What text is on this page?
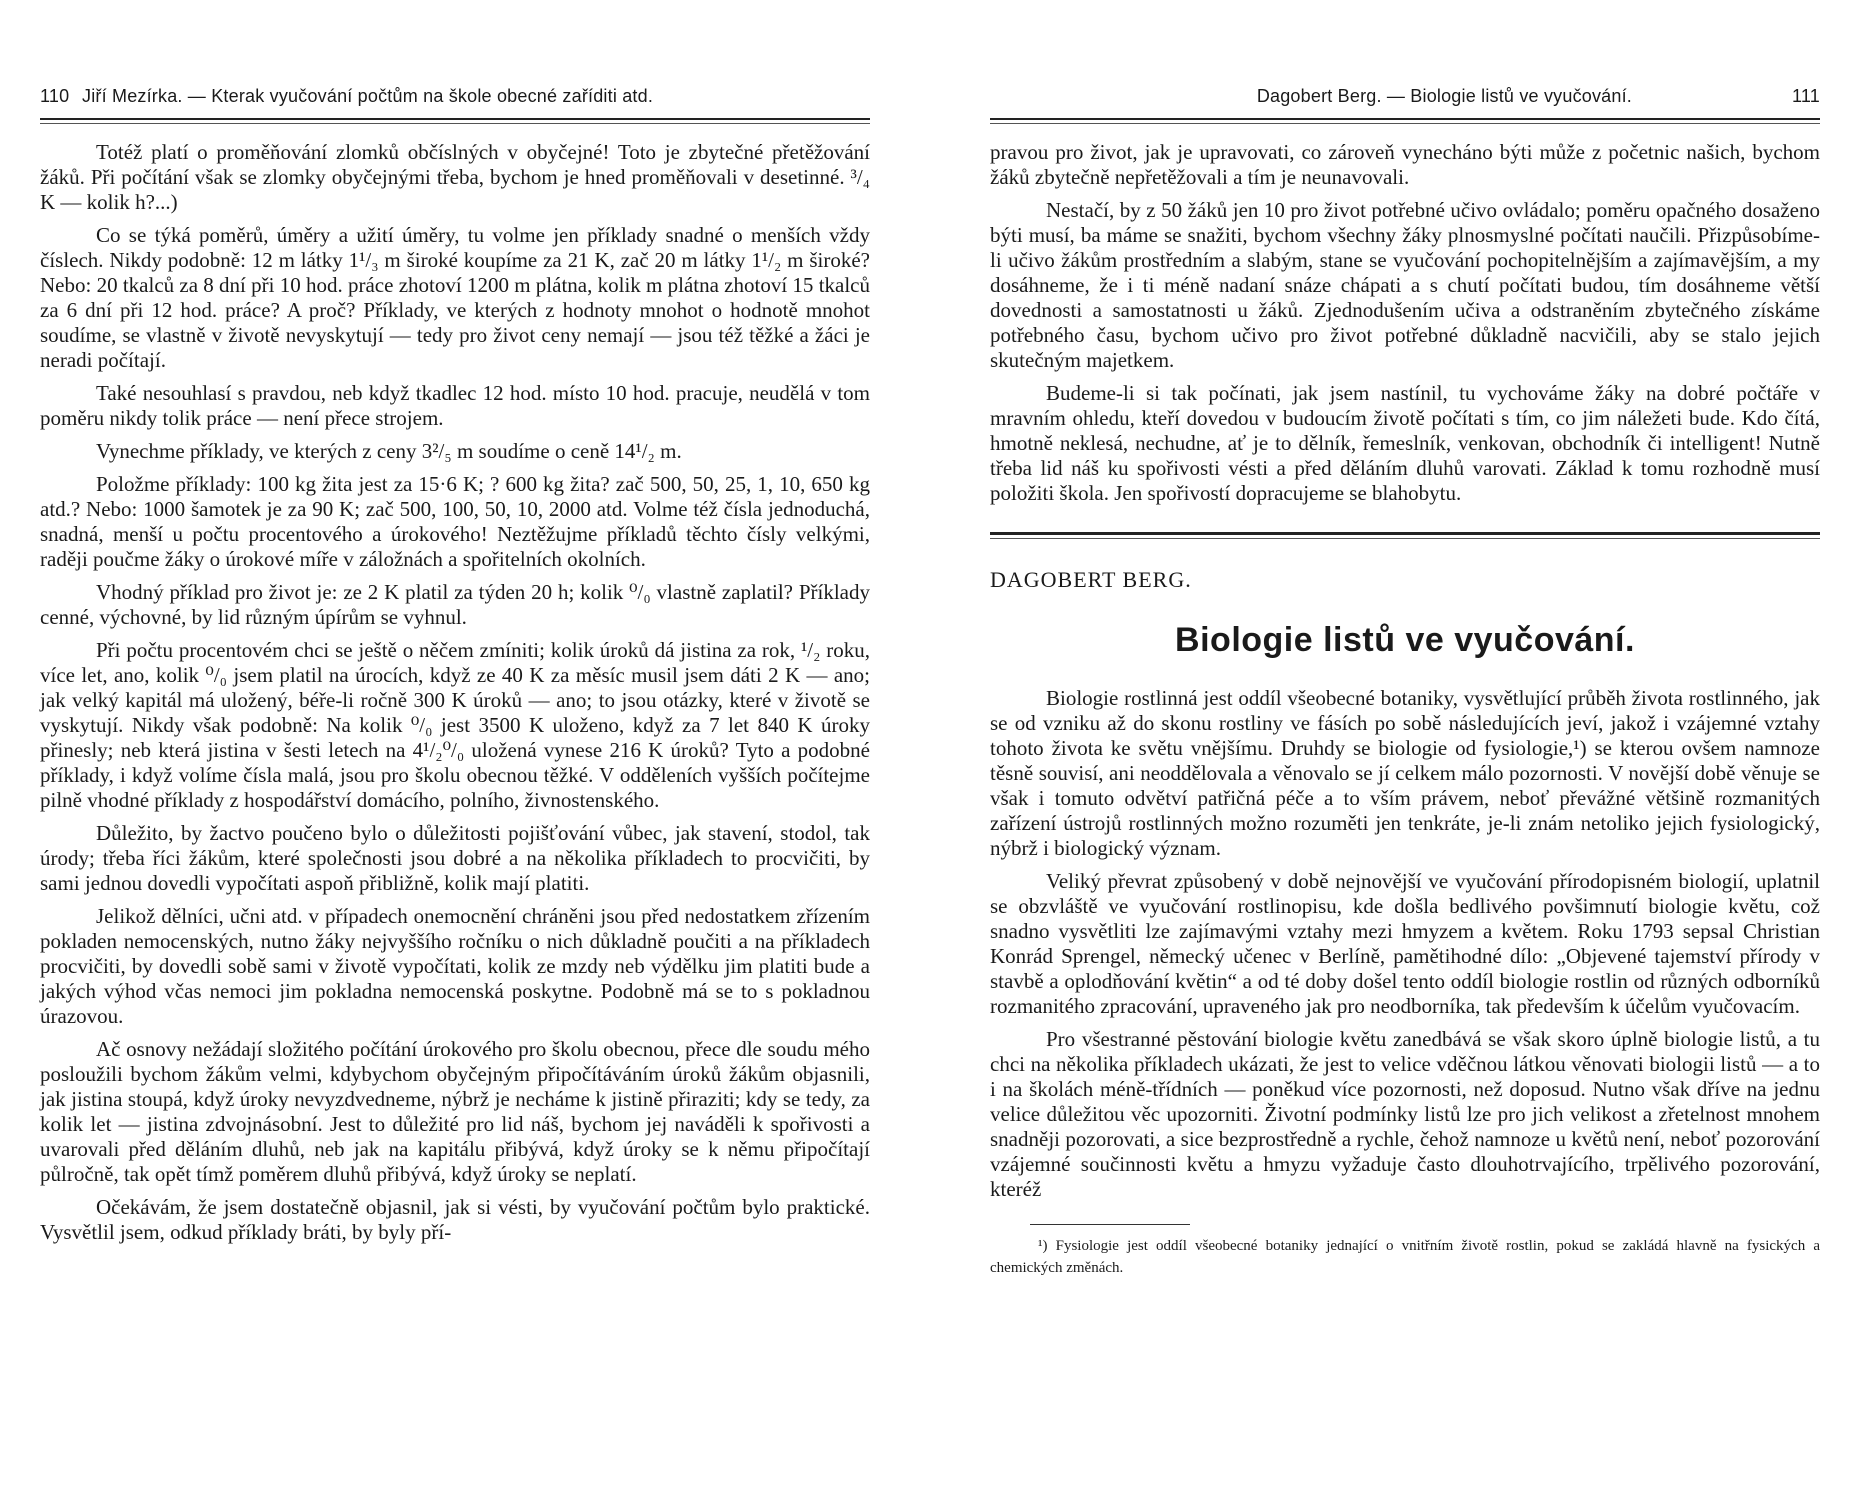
110 Jiří Mezírka. — Kterak vyučování počtům na škole obecné zaříditi atd.

Totéž platí o proměňování zlomků občíslných v obyčejné! Toto je zbytečné přetěžování žáků. Při počítání však se zlomky obyčejnými třeba, bychom je hned proměňovali v desetinné. ³/₄ K — kolik h?...)

Co se týká poměrů, úměry a užití úměry, tu volme jen příklady snadné o menších vždy číslech. Nikdy podobně: 12 m látky 1¹/₃ m široké koupíme za 21 K, zač 20 m látky 1¹/₂ m široké? Nebo: 20 tkalců za 8 dní při 10 hod. práce zhotoví 1200 m plátna, kolik m plátna zhotoví 15 tkalců za 6 dní při 12 hod. práce? A proč? Příklady, ve kterých z hodnoty mnohot o hodnotě mnohot soudíme, se vlastně v životě nevyskytují — tedy pro život ceny nemají — jsou též těžké a žáci je neradi počítají.

Také nesouhlasí s pravdou, neb když tkadlec 12 hod. místo 10 hod. pracuje, neudělá v tom poměru nikdy tolik práce — není přece strojem.

Vynechme příklady, ve kterých z ceny 3²/₅ m soudíme o ceně 14¹/₂ m.

Položme příklady: 100 kg žita jest za 15·6 K; ? 600 kg žita? zač 500, 50, 25, 1, 10, 650 kg atd.? Nebo: 1000 šamotek je za 90 K; zač 500, 100, 50, 10, 2000 atd. Volme též čísla jednoduchá, snadná, menší u počtu procentového a úrokového! Neztěžujme příkladů těchto čísly velkými, raději poučme žáky o úrokové míře v záložnách a spořitelních okolních.

Vhodný příklad pro život je: ze 2 K platil za týden 20 h; kolik ⁰/₀ vlastně zaplatil? Příklady cenné, výchovné, by lid různým úpírům se vyhnul.

Při počtu procentovém chci se ještě o něčem zmíniti; kolik úroků dá jistina za rok, ¹/₂ roku, více let, ano, kolik ⁰/₀ jsem platil na úrocích, když ze 40 K za měsíc musil jsem dáti 2 K — ano; jak velký kapitál má uložený, béře-li ročně 300 K úroků — ano; to jsou otázky, které v životě se vyskytují. Nikdy však podobně: Na kolik ⁰/₀ jest 3500 K uloženo, když za 7 let 840 K úroky přinesly; neb která jistina v šesti letech na 4¹/₂⁰/₀ uložená vynese 216 K úroků? Tyto a podobné příklady, i když volíme čísla malá, jsou pro školu obecnou těžké. V odděleních vyšších počítejme pilně vhodné příklady z hospodářství domácího, polního, živnostenského.

Důležito, by žactvo poučeno bylo o důležitosti pojišťování vůbec, jak stavení, stodol, tak úrody; třeba říci žákům, které společnosti jsou dobré a na několika příkladech to procvičiti, by sami jednou dovedli vypočítati aspoň přibližně, kolik mají platiti.

Jelikož dělníci, učni atd. v případech onemocnění chráněni jsou před nedostatkem zřízením pokladen nemocenských, nutno žáky nejvyššího ročníku o nich důkladně poučiti a na příkladech procvičiti, by dovedli sobě sami v životě vypočítati, kolik ze mzdy neb výdělku jim platiti bude a jakých výhod včas nemoci jim pokladna nemocenská poskytne. Podobně má se to s pokladnou úrazovou.

Ač osnovy nežádají složitého počítání úrokového pro školu obecnou, přece dle soudu mého posloužili bychom žákům velmi, kdybychom obyčejným připočítáváním úroků žákům objasnili, jak jistina stoupá, když úroky nevyzdvedneme, nýbrž je necháme k jistině přiraziti; kdy se tedy, za kolik let — jistina zdvojnásobní. Jest to důležité pro lid náš, bychom jej naváděli k spořivosti a uvarovali před děláním dluhů, neb jak na kapitálu přibývá, když úroky se k němu připočítají půlročně, tak opět tímž poměrem dluhů přibývá, když úroky se neplatí.

Očekávám, že jsem dostatečně objasnil, jak si vésti, by vyučování počtům bylo praktické. Vysvětlil jsem, odkud příklady bráti, by byly pří-

Dagobert Berg. — Biologie listů ve vyučování.	111

pravou pro život, jak je upravovati, co zároveň vynecháno býti může z početnic našich, bychom žáků zbytečně nepřetěžovali a tím je neunavovali.

Nestačí, by z 50 žáků jen 10 pro život potřebné učivo ovládalo; poměru opačného dosaženo býti musí, ba máme se snažiti, bychom všechny žáky plnosmyslné počítati naučili. Přizpůsobíme-li učivo žákům prostředním a slabým, stane se vyučování pochopitelnějším a zajímavějším, a my dosáhneme, že i ti méně nadaní snáze chápati a s chutí počítati budou, tím dosáhneme větší dovednosti a samostatnosti u žáků. Zjednodušením učiva a odstraněním zbytečného získáme potřebného času, bychom učivo pro život potřebné důkladně nacvičili, aby se stalo jejich skutečným majetkem.

Budeme-li si tak počínati, jak jsem nastínil, tu vychováme žáky na dobré počtáře v mravním ohledu, kteří dovedou v budoucím životě počítati s tím, co jim náležeti bude. Kdo čítá, hmotně neklesá, nechudne, ať je to dělník, řemeslník, venkovan, obchodník či intelligent! Nutně třeba lid náš ku spořivosti vésti a před děláním dluhů varovati. Základ k tomu rozhodně musí položiti škola. Jen spořivostí dopracujeme se blahobytu.

DAGOBERT BERG.
Biologie listů ve vyučování.

Biologie rostlinná jest oddíl všeobecné botaniky, vysvětlující průběh života rostlinného, jak se od vzniku až do skonu rostliny ve fásích po sobě následujících jeví, jakož i vzájemné vztahy tohoto života ke světu vnějšímu. Druhdy se biologie od fysiologie,¹) se kterou ovšem namnoze těsně souvisí, ani neoddělovala a věnovalo se jí celkem málo pozornosti. V novější době věnuje se však i tomuto odvětví patřičná péče a to vším právem, neboť převážné většině rozmanitých zařízení ústrojů rostlinných možno rozuměti jen tenkráte, je-li znám netoliko jejich fysiologický, nýbrž i biologický význam.

Veliký převrat způsobený v době nejnovější ve vyučování přírodopisném biologií, uplatnil se obzvláště ve vyučování rostlinopisu, kde došla bedlivého povšimnutí biologie květu, což snadno vysvětliti lze zajímavými vztahy mezi hmyzem a květem. Roku 1793 sepsal Christian Konrád Sprengel, německý učenec v Berlíně, pamětihodné dílo: „Objevené tajemství přírody v stavbě a oplodňování květin“ a od té doby došel tento oddíl biologie rostlin od různých odborníků rozmanitého zpracování, upraveného jak pro neodborníka, tak především k účelům vyučovacím.

Pro všestranné pěstování biologie květu zanedbává se však skoro úplně biologie listů, a tu chci na několika příkladech ukázati, že jest to velice vděčnou látkou věnovati biologii listů — a to i na školách méně-třídních — poněkud více pozornosti, než doposud. Nutno však dříve na jednu velice důležitou věc upozorniti. Životní podmínky listů lze pro jich velikost a zřetelnost mnohem snadněji pozorovati, a sice bezprostředně a rychle, čehož namnoze u květů není, neboť pozorování vzájemné součinnosti květu a hmyzu vyžaduje často dlouhotrvajícího, trpělivého pozorování, kteréž

¹) Fysiologie jest oddíl všeobecné botaniky jednající o vnitřním životě rostlin, pokud se zakládá hlavně na fysických a chemických změnách.
